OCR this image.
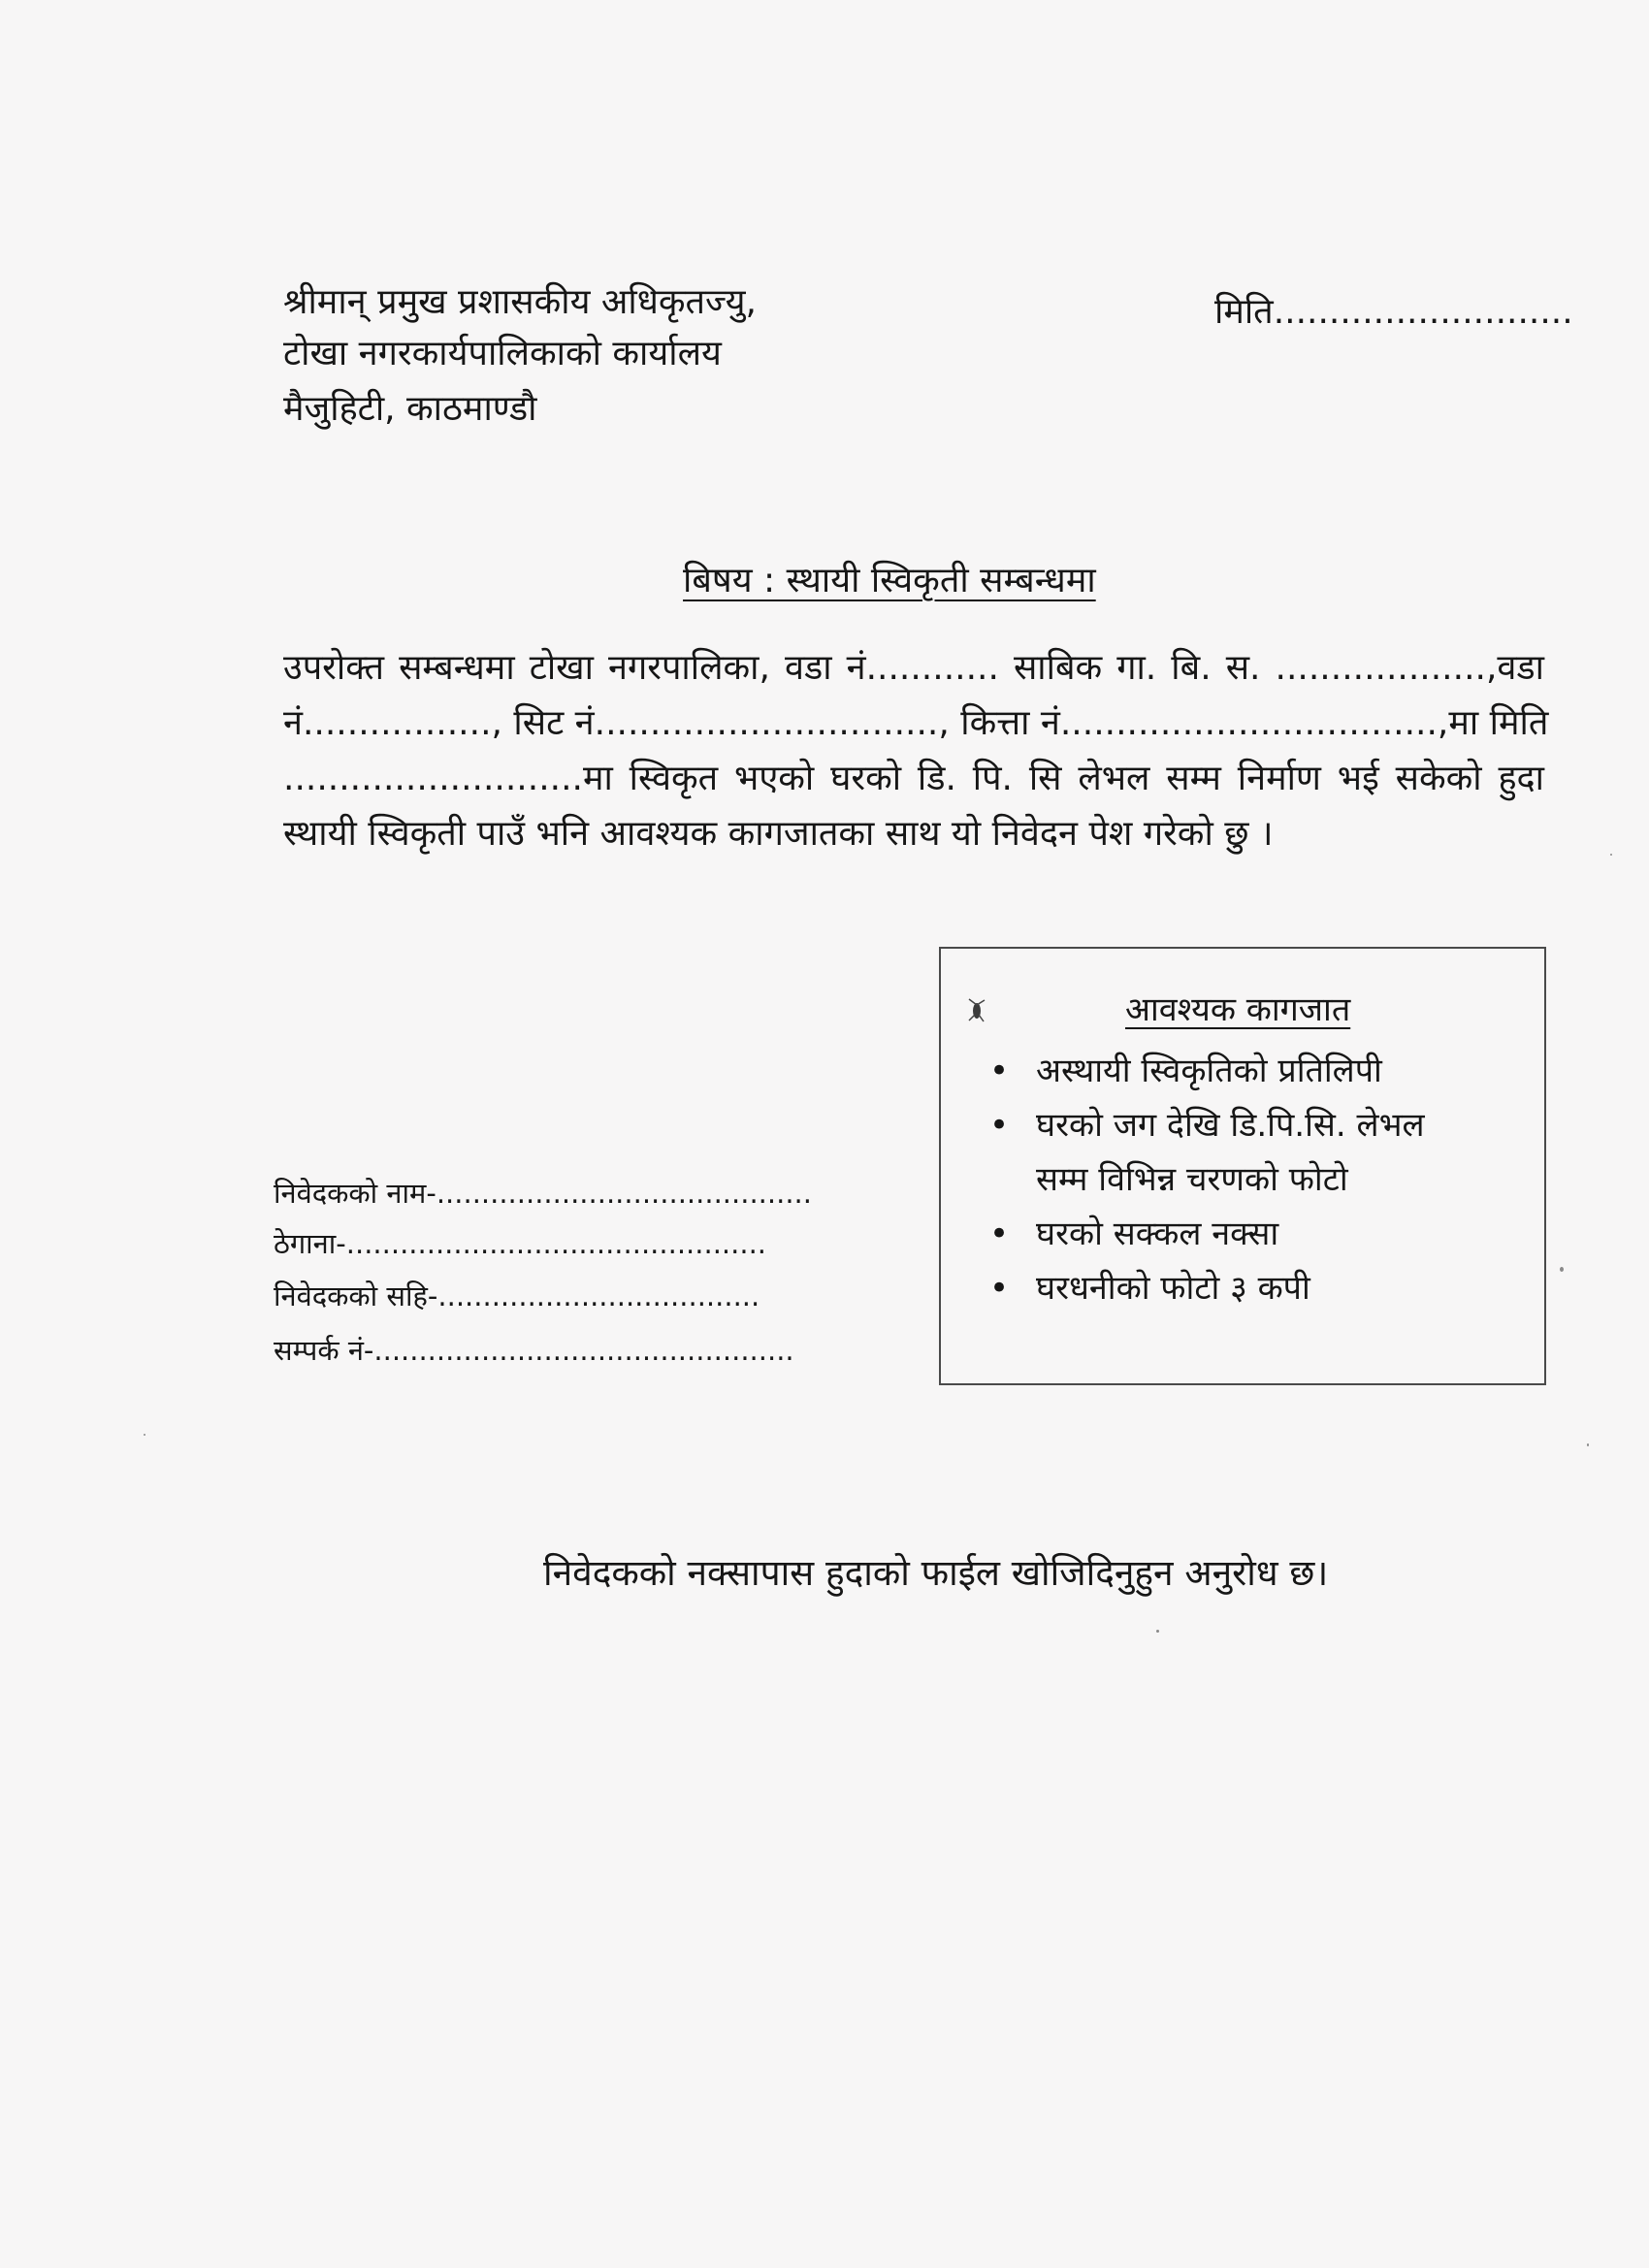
श्रीमान् प्रमुख प्रशासकीय अधिकृतज्यु,
टोखा नगरकार्यपालिकाको कार्यालय
मैजुहिटी, काठमाण्डौ
मिति...........................
बिषय : स्थायी स्विकृती सम्बन्धमा
उपरोक्त सम्बन्धमा टोखा नगरपालिका, वडा नं............ साबिक गा. बि. स. ...................,वडा
नं................., सिट नं..............................., कित्ता नं..................................,मा मिति
...........................मा स्विकृत भएको घरको डि. पि. सि लेभल सम्म निर्माण भई सकेको हुदा
स्थायी स्विकृती पाउँ भनि आवश्यक कागजातका साथ यो निवेदन पेश गरेको छु ।
आवश्यक कागजात
• अस्थायी स्विकृतिको प्रतिलिपी
• घरको जग देखि डि.पि.सि. लेभल
सम्म विभिन्न चरणको फोटो
• घरको सक्कल नक्सा
• घरधनीको फोटो ३ कपी
निवेदकको नाम-..........................................
ठेगाना-...............................................
निवेदकको सहि-....................................
सम्पर्क नं-...............................................
निवेदकको नक्सापास हुदाको फाईल खोजिदिनुहुन अनुरोध छ।
